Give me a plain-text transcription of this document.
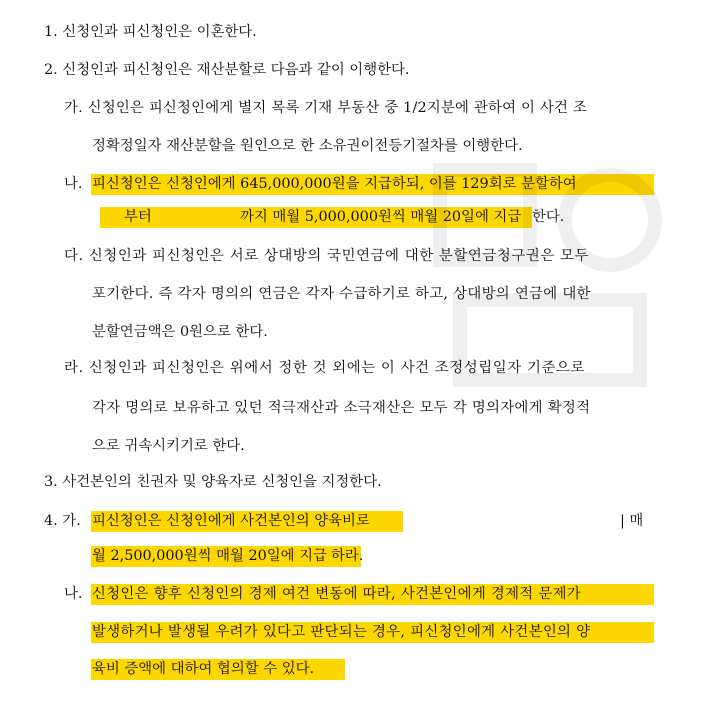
1. 신청인과 피신청인은 이혼한다.
2. 신청인과 피신청인은 재산분할로 다음과 같이 이행한다.
가. 신청인은 피신청인에게 별지 목록 기재 부동산 중 1/2지분에 관하여 이 사건 조
정확정일자 재산분할을 원인으로 한 소유권이전등기절차를 이행한다.
나. 피신청인은 신청인에게 645,000,000원을 지급하되, 이를 129회로 분할하여
부터	까지 매월 5,000,000원씩 매월 20일에 지급 한다.
다. 신청인과 피신청인은 서로 상대방의 국민연금에 대한 분할연금청구권은 모두
포기한다. 즉 각자 명의의 연금은 각자 수급하기로 하고, 상대방의 연금에 대한
분할연금액은 0원으로 한다.
라. 신청인과 피신청인은 위에서 정한 것 외에는 이 사건 조정성립일자 기준으로
각자 명의로 보유하고 있던 적극재산과 소극재산은 모두 각 명의자에게 확정적
으로 귀속시키기로 한다.
3. 사건본인의 친권자 및 양육자로 신청인을 지정한다.
4. 가. 피신청인은 신청인에게 사건본인의 양육비로	| 매
월 2,500,000원씩 매월 20일에 지급 하라.
나. 신청인은 향후 신청인의 경제 여건 변동에 따라, 사건본인에게 경제적 문제가
발생하거나 발생될 우려가 있다고 판단되는 경우, 피신청인에게 사건본인의 양
육비 증액에 대하여 협의할 수 있다.
